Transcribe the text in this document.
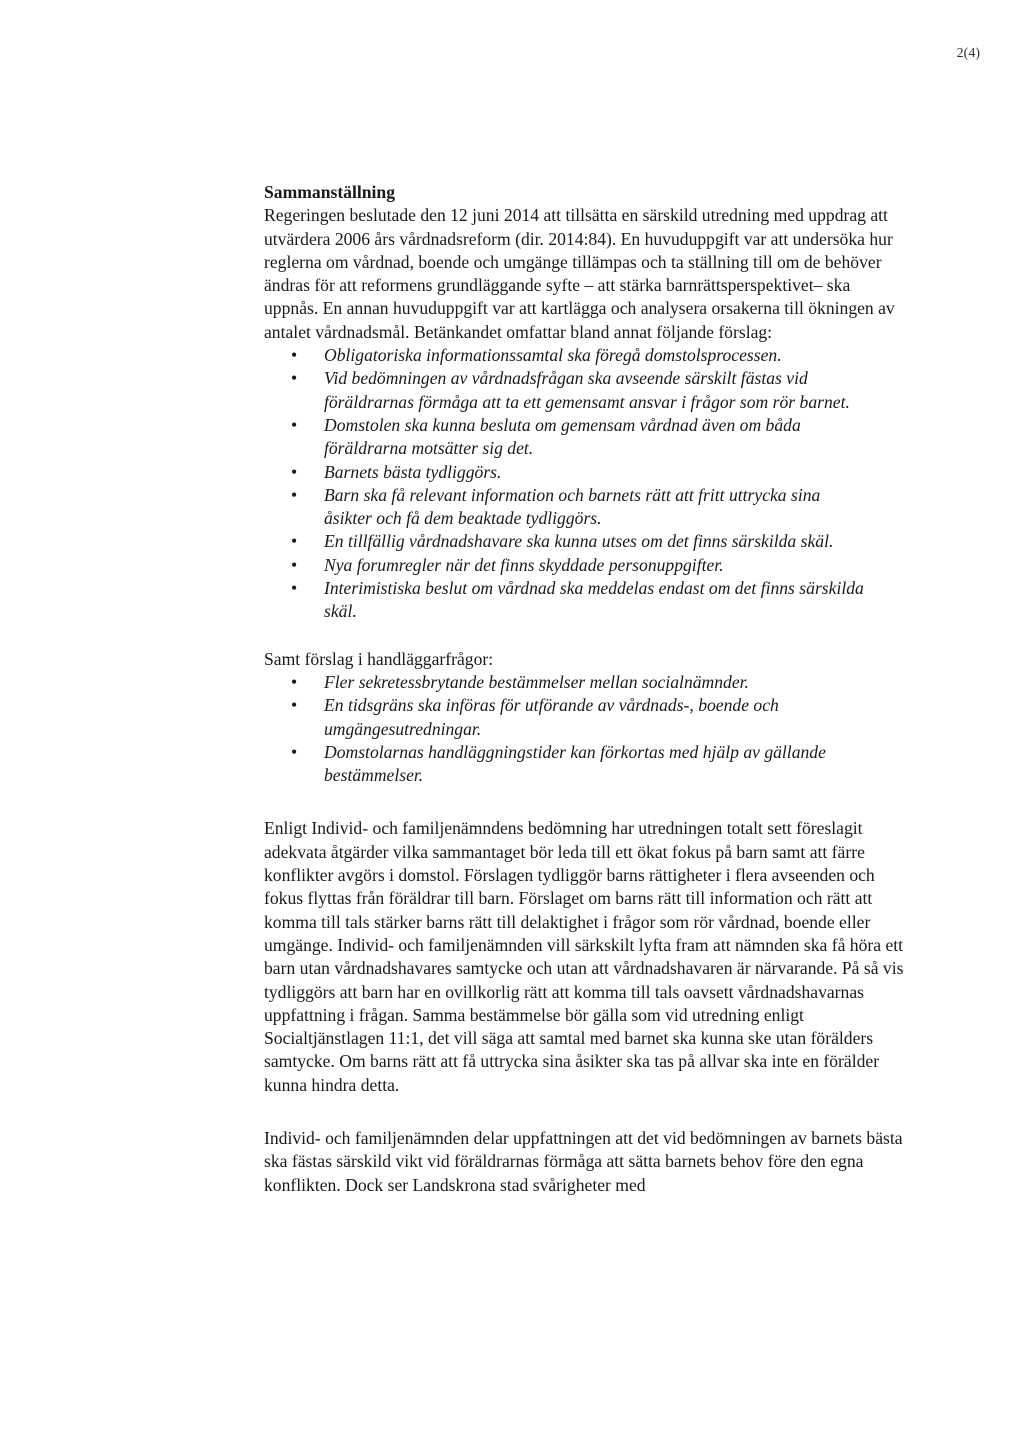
2(4)

Sammanställning

Regeringen beslutade den 12 juni 2014 att tillsätta en särskild utredning med uppdrag att utvärdera 2006 års vårdnadsreform (dir. 2014:84). En huvuduppgift var att undersöka hur reglerna om vårdnad, boende och umgänge tillämpas och ta ställning till om de behöver ändras för att reformens grundläggande syfte – att stärka barnrättsperspektivet– ska uppnås. En annan huvuduppgift var att kartlägga och analysera orsakerna till ökningen av antalet vårdnadsmål. Betänkandet omfattar bland annat följande förslag:

• Obligatoriska informationssamtal ska föregå domstolsprocessen.
• Vid bedömningen av vårdnadsfrågan ska avseende särskilt fästas vid föräldrarnas förmåga att ta ett gemensamt ansvar i frågor som rör barnet.
• Domstolen ska kunna besluta om gemensam vårdnad även om båda föräldrarna motsätter sig det.
• Barnets bästa tydliggörs.
• Barn ska få relevant information och barnets rätt att fritt uttrycka sina åsikter och få dem beaktade tydliggörs.
• En tillfällig vårdnadshavare ska kunna utses om det finns särskilda skäl.
• Nya forumregler när det finns skyddade personuppgifter.
• Interimistiska beslut om vårdnad ska meddelas endast om det finns särskilda skäl.

Samt förslag i handläggarfrågor:

• Fler sekretessbrytande bestämmelser mellan socialnämnder.
• En tidsgräns ska införas för utförande av vårdnads-, boende och umgängesutredningar.
• Domstolarnas handläggningstider kan förkortas med hjälp av gällande bestämmelser.

Enligt Individ- och familjenämndens bedömning har utredningen totalt sett föreslagit adekvata åtgärder vilka sammantaget bör leda till ett ökat fokus på barn samt att färre konflikter avgörs i domstol. Förslagen tydliggör barns rättigheter i flera avseenden och fokus flyttas från föräldrar till barn. Förslaget om barns rätt till information och rätt att komma till tals stärker barns rätt till delaktighet i frågor som rör vårdnad, boende eller umgänge. Individ- och familjenämnden vill särkskilt lyfta fram att nämnden ska få höra ett barn utan vårdnadshavares samtycke och utan att vårdnadshavaren är närvarande. På så vis tydliggörs att barn har en ovillkorlig rätt att komma till tals oavsett vårdnadshavarnas uppfattning i frågan. Samma bestämmelse bör gälla som vid utredning enligt Socialtjänstlagen 11:1, det vill säga att samtal med barnet ska kunna ske utan förälders samtycke. Om barns rätt att få uttrycka sina åsikter ska tas på allvar ska inte en förälder kunna hindra detta.

Individ- och familjenämnden delar uppfattningen att det vid bedömningen av barnets bästa ska fästas särskild vikt vid föräldrarnas förmåga att sätta barnets behov före den egna konflikten. Dock ser Landskrona stad svårigheter med
